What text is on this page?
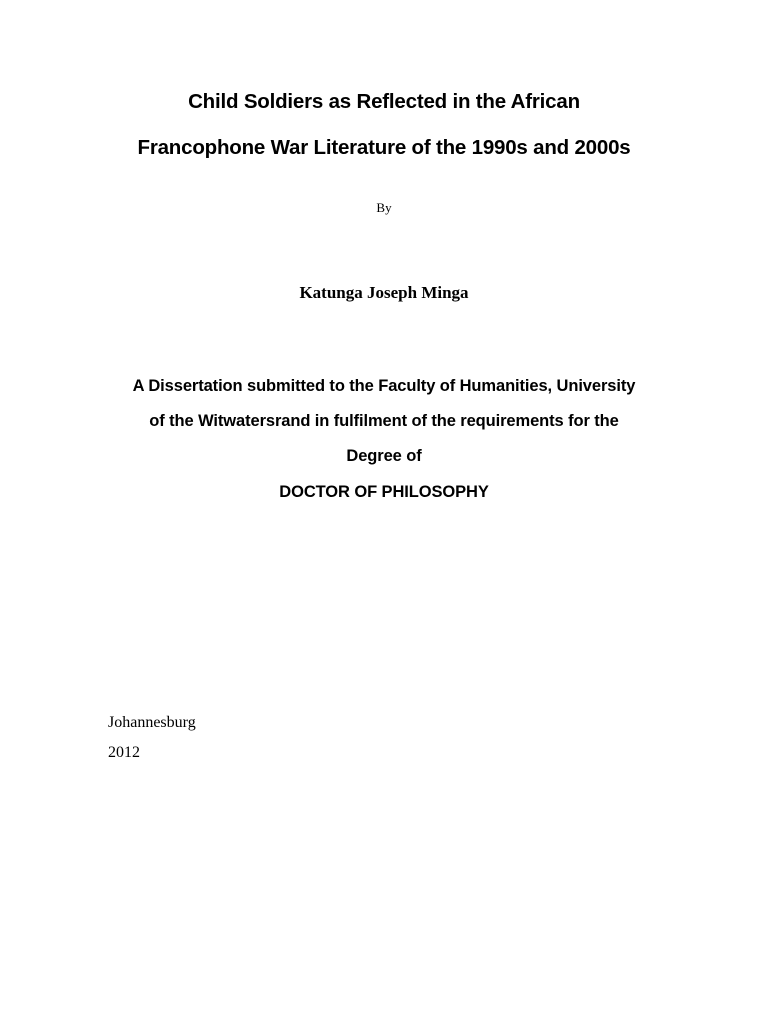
Child Soldiers as Reflected in the African
Francophone War Literature of the 1990s and 2000s
By
Katunga Joseph Minga
A Dissertation submitted to the Faculty of Humanities, University
of the Witwatersrand in fulfilment of the requirements for the
Degree of
DOCTOR OF PHILOSOPHY
Johannesburg
2012
